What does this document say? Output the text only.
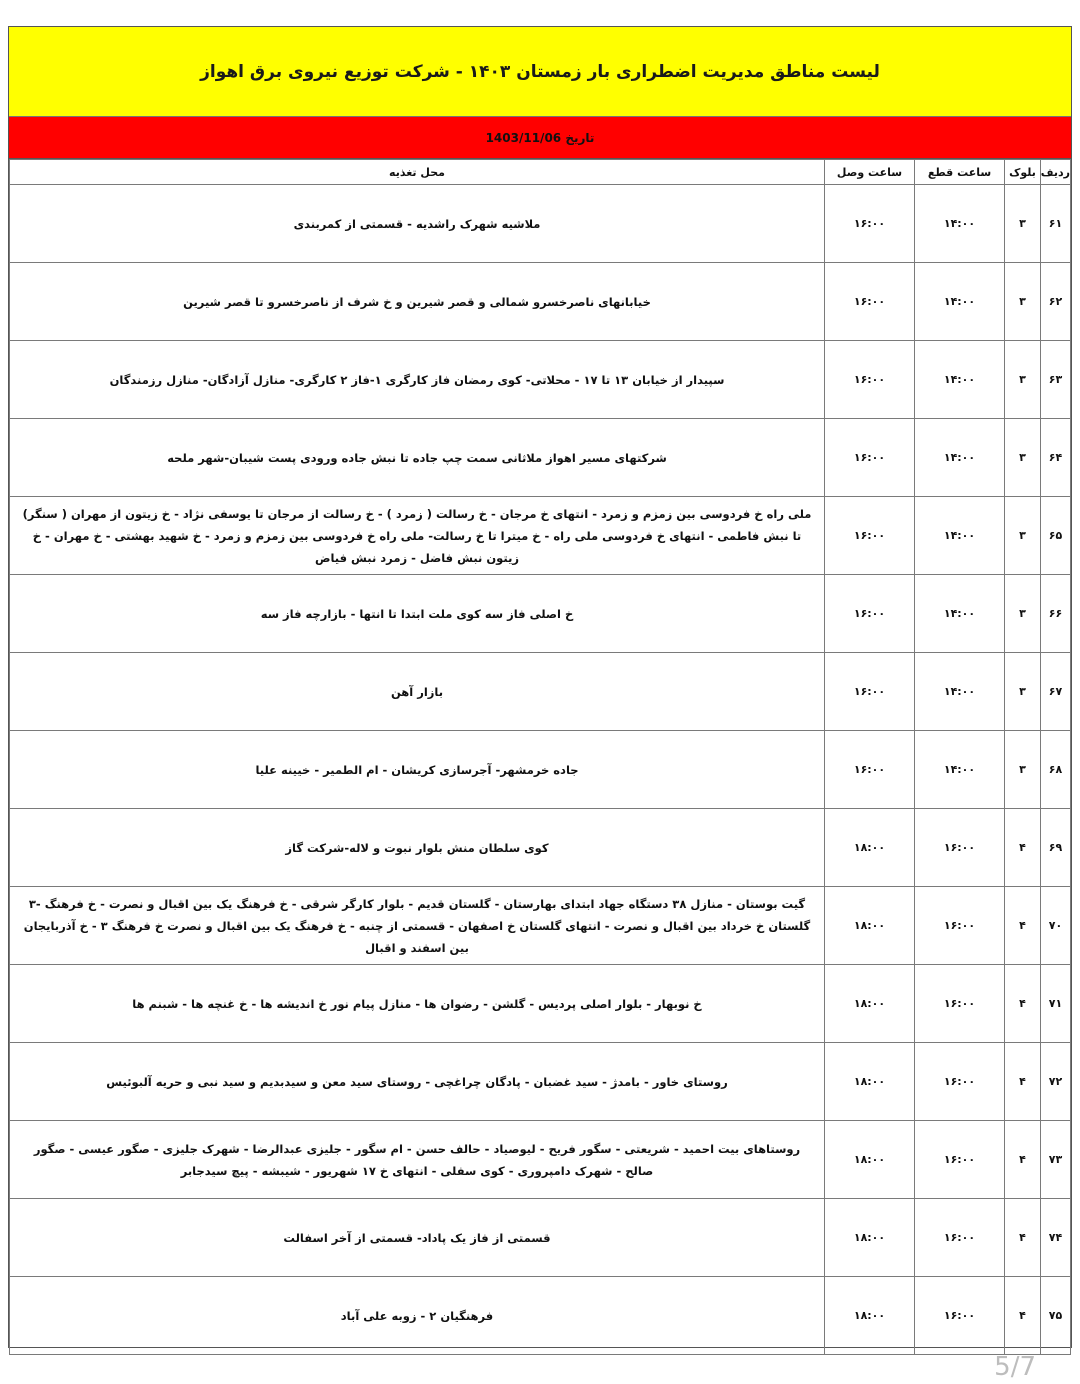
لیست مناطق مدیریت اضطراری بار زمستان ۱۴۰۳ - شرکت توزیع نیروی برق اهواز
تاریخ 1403/11/06
ردیف	بلوک	ساعت قطع	ساعت وصل	محل تغذیه
۶۱	۳	۱۴:۰۰	۱۶:۰۰	ملاشیه شهرک راشدیه - قسمتی از کمربندی
۶۲	۳	۱۴:۰۰	۱۶:۰۰	خیابانهای ناصرخسرو شمالی و قصر شیرین و خ شرف از ناصرخسرو تا قصر شیرین
۶۳	۳	۱۴:۰۰	۱۶:۰۰	سپیدار از خیابان ۱۳ تا ۱۷ - محلاتی- کوی رمضان فاز کارگری ۱-فاز ۲ کارگری- منازل آزادگان- منازل رزمندگان
۶۴	۳	۱۴:۰۰	۱۶:۰۰	شرکتهای مسیر اهواز ملاثانی سمت چپ جاده تا نبش جاده ورودی پست شیبان-شهر ملحه
۶۵	۳	۱۴:۰۰	۱۶:۰۰	ملی راه خ فردوسی بین زمزم و زمرد - انتهای خ مرجان - خ رسالت ( زمرد ) - خ رسالت از مرجان تا یوسفی نژاد - خ زیتون از مهران ( سنگر) تا نبش فاطمی - انتهای خ فردوسی ملی راه - خ میترا تا خ رسالت- ملی راه خ فردوسی بین زمزم و زمرد - خ شهید بهشتی - خ مهران - خ زیتون نبش فاضل - زمرد نبش فیاض
۶۶	۳	۱۴:۰۰	۱۶:۰۰	خ اصلی فاز سه کوی ملت ابتدا تا انتها - بازارچه فاز سه
۶۷	۳	۱۴:۰۰	۱۶:۰۰	بازار آهن
۶۸	۳	۱۴:۰۰	۱۶:۰۰	جاده خرمشهر- آجرسازی کریشان - ام الطمیر - خیینه علیا
۶۹	۴	۱۶:۰۰	۱۸:۰۰	کوی سلطان منش بلوار نبوت و لاله-شرکت گاز
۷۰	۴	۱۶:۰۰	۱۸:۰۰	گیت بوستان - منازل ۳۸ دستگاه جهاد ابتدای بهارستان - گلستان قدیم - بلوار کارگر شرقی - خ فرهنگ یک بین اقبال و نصرت - خ فرهنگ -۳ گلستان خ خرداد بین اقبال و نصرت - انتهای گلستان خ اصفهان - قسمتی از چنبه - خ فرهنگ یک بین اقبال و نصرت خ فرهنگ ۳ - خ آذربایجان بین اسفند و اقبال
۷۱	۴	۱۶:۰۰	۱۸:۰۰	خ نوبهار - بلوار اصلی پردیس - گلشن - رضوان ها - منازل پیام نور خ اندیشه ها - خ غنچه ها - شبنم ها
۷۲	۴	۱۶:۰۰	۱۸:۰۰	روستای خاور - بامدژ - سید غضبان - پادگان چراغچی - روستای سید معن و سیدبدیم و سید نبی و حریه آلبوئیس
۷۳	۴	۱۶:۰۰	۱۸:۰۰	روستاهای بیت احمید - شریعتی - سگور فریح - لیوصیاد - حالف حسن - ام سگور - جلیزی عبدالرضا - شهرک جلیزی - صگور عیسی - صگور صالح - شهرک دامپروری - کوی سفلی - انتهای خ ۱۷ شهریور - شیبشه - پیچ سیدجابر
۷۴	۴	۱۶:۰۰	۱۸:۰۰	قسمتی از فاز یک پاداد- قسمتی از آخر اسفالت
۷۵	۴	۱۶:۰۰	۱۸:۰۰	فرهنگیان ۲ - زوبه علی آباد
5/7
